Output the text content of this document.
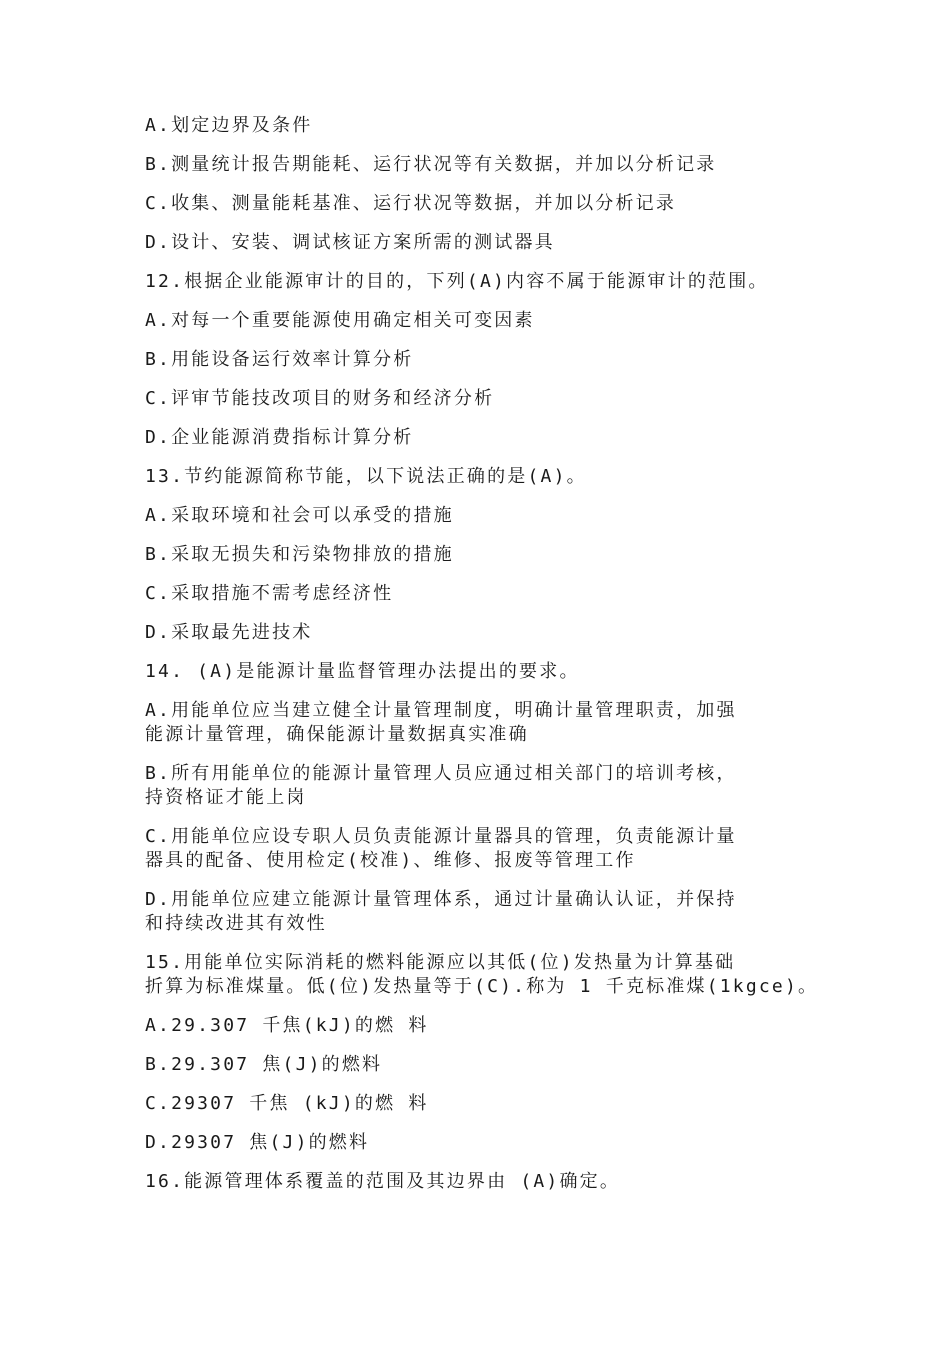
A.划定边界及条件
B.测量统计报告期能耗、运行状况等有关数据，并加以分析记录
C.收集、测量能耗基准、运行状况等数据，并加以分析记录
D.设计、安装、调试核证方案所需的测试器具
12.根据企业能源审计的目的，下列(A)内容不属于能源审计的范围。
A.对每一个重要能源使用确定相关可变因素
B.用能设备运行效率计算分析
C.评审节能技改项目的财务和经济分析
D.企业能源消费指标计算分析
13.节约能源简称节能，以下说法正确的是(A)。
A.采取环境和社会可以承受的措施
B.采取无损失和污染物排放的措施
C.采取措施不需考虑经济性
D.采取最先进技术
14. (A)是能源计量监督管理办法提出的要求。
A.用能单位应当建立健全计量管理制度，明确计量管理职责，加强
能源计量管理，确保能源计量数据真实准确
B.所有用能单位的能源计量管理人员应通过相关部门的培训考核，
持资格证才能上岗
C.用能单位应设专职人员负责能源计量器具的管理，负责能源计量
器具的配备、使用检定(校准)、维修、报废等管理工作
D.用能单位应建立能源计量管理体系，通过计量确认认证，并保持
和持续改进其有效性
15.用能单位实际消耗的燃料能源应以其低(位)发热量为计算基础
折算为标准煤量。低(位)发热量等于(C).称为 1 千克标准煤(1kgce)。
A.29.307 千焦(kJ)的燃 料
B.29.307 焦(J)的燃料
C.29307 千焦 (kJ)的燃 料
D.29307 焦(J)的燃料
16.能源管理体系覆盖的范围及其边界由 (A)确定。
